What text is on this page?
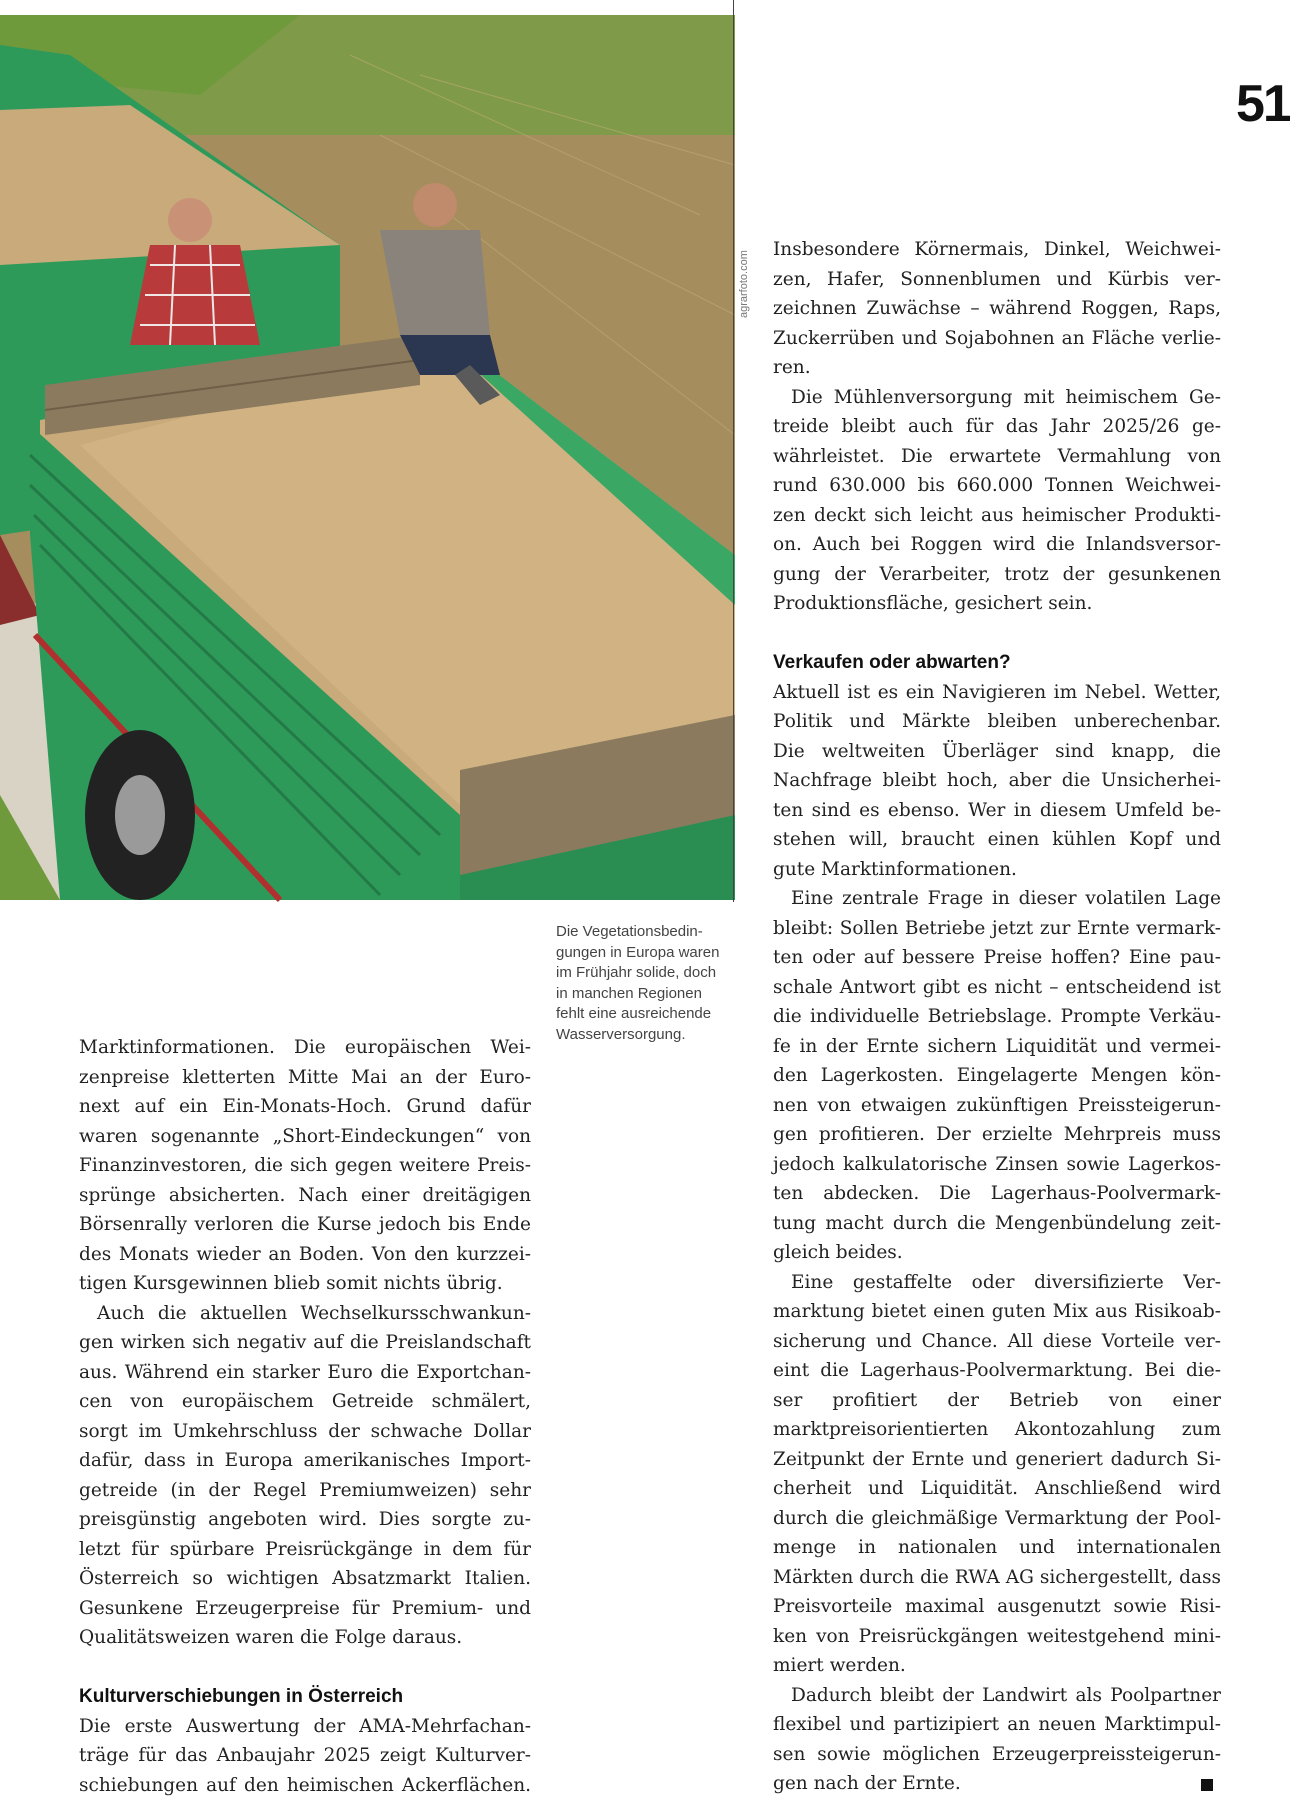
51
agrarfoto.com
Die Vegetationsbedin-
gungen in Europa waren
im Frühjahr solide, doch
in manchen Regionen
fehlt eine ausreichende
Wasserversorgung.
Marktinformationen. Die europäischen Wei-
zenpreise kletterten Mitte Mai an der Euro-
next auf ein Ein-Monats-Hoch. Grund dafür
waren sogenannte „Short-Eindeckungen“ von
Finanzinvestoren, die sich gegen weitere Preis-
sprünge absicherten. Nach einer dreitägigen
Börsenrally verloren die Kurse jedoch bis Ende
des Monats wieder an Boden. Von den kurzzei-
tigen Kursgewinnen blieb somit nichts übrig.
Auch die aktuellen Wechselkursschwankun-
gen wirken sich negativ auf die Preislandschaft
aus. Während ein starker Euro die Exportchan-
cen von europäischem Getreide schmälert,
sorgt im Umkehrschluss der schwache Dollar
dafür, dass in Europa amerikanisches Import-
getreide (in der Regel Premiumweizen) sehr
preisgünstig angeboten wird. Dies sorgte zu-
letzt für spürbare Preisrückgänge in dem für
Österreich so wichtigen Absatzmarkt Italien.
Gesunkene Erzeugerpreise für Premium- und
Qualitätsweizen waren die Folge daraus.
Kulturverschiebungen in Österreich
Die erste Auswertung der AMA-Mehrfachan-
träge für das Anbaujahr 2025 zeigt Kulturver-
schiebungen auf den heimischen Ackerflächen.
Insbesondere Körnermais, Dinkel, Weichwei-
zen, Hafer, Sonnenblumen und Kürbis ver-
zeichnen Zuwächse – während Roggen, Raps,
Zuckerrüben und Sojabohnen an Fläche verlie-
ren.
Die Mühlenversorgung mit heimischem Ge-
treide bleibt auch für das Jahr 2025/26 ge-
währleistet. Die erwartete Vermahlung von
rund 630.000 bis 660.000 Tonnen Weichwei-
zen deckt sich leicht aus heimischer Produkti-
on. Auch bei Roggen wird die Inlandsversor-
gung der Verarbeiter, trotz der gesunkenen
Produktionsfläche, gesichert sein.
Verkaufen oder abwarten?
Aktuell ist es ein Navigieren im Nebel. Wetter,
Politik und Märkte bleiben unberechenbar.
Die weltweiten Überläger sind knapp, die
Nachfrage bleibt hoch, aber die Unsicherhei-
ten sind es ebenso. Wer in diesem Umfeld be-
stehen will, braucht einen kühlen Kopf und
gute Marktinformationen.
Eine zentrale Frage in dieser volatilen Lage
bleibt: Sollen Betriebe jetzt zur Ernte vermark-
ten oder auf bessere Preise hoffen? Eine pau-
schale Antwort gibt es nicht – entscheidend ist
die individuelle Betriebslage. Prompte Verkäu-
fe in der Ernte sichern Liquidität und vermei-
den Lagerkosten. Eingelagerte Mengen kön-
nen von etwaigen zukünftigen Preissteigerun-
gen profitieren. Der erzielte Mehrpreis muss
jedoch kalkulatorische Zinsen sowie Lagerkos-
ten abdecken. Die Lagerhaus-Poolvermark-
tung macht durch die Mengenbündelung zeit-
gleich beides.
Eine gestaffelte oder diversifizierte Ver-
marktung bietet einen guten Mix aus Risikoab-
sicherung und Chance. All diese Vorteile ver-
eint die Lagerhaus-Poolvermarktung. Bei die-
ser profitiert der Betrieb von einer
marktpreisorientierten Akontozahlung zum
Zeitpunkt der Ernte und generiert dadurch Si-
cherheit und Liquidität. Anschließend wird
durch die gleichmäßige Vermarktung der Pool-
menge in nationalen und internationalen
Märkten durch die RWA AG sichergestellt, dass
Preisvorteile maximal ausgenutzt sowie Risi-
ken von Preisrückgängen weitestgehend mini-
miert werden.
Dadurch bleibt der Landwirt als Poolpartner
flexibel und partizipiert an neuen Marktimpul-
sen sowie möglichen Erzeugerpreissteigerun-
gen nach der Ernte.
